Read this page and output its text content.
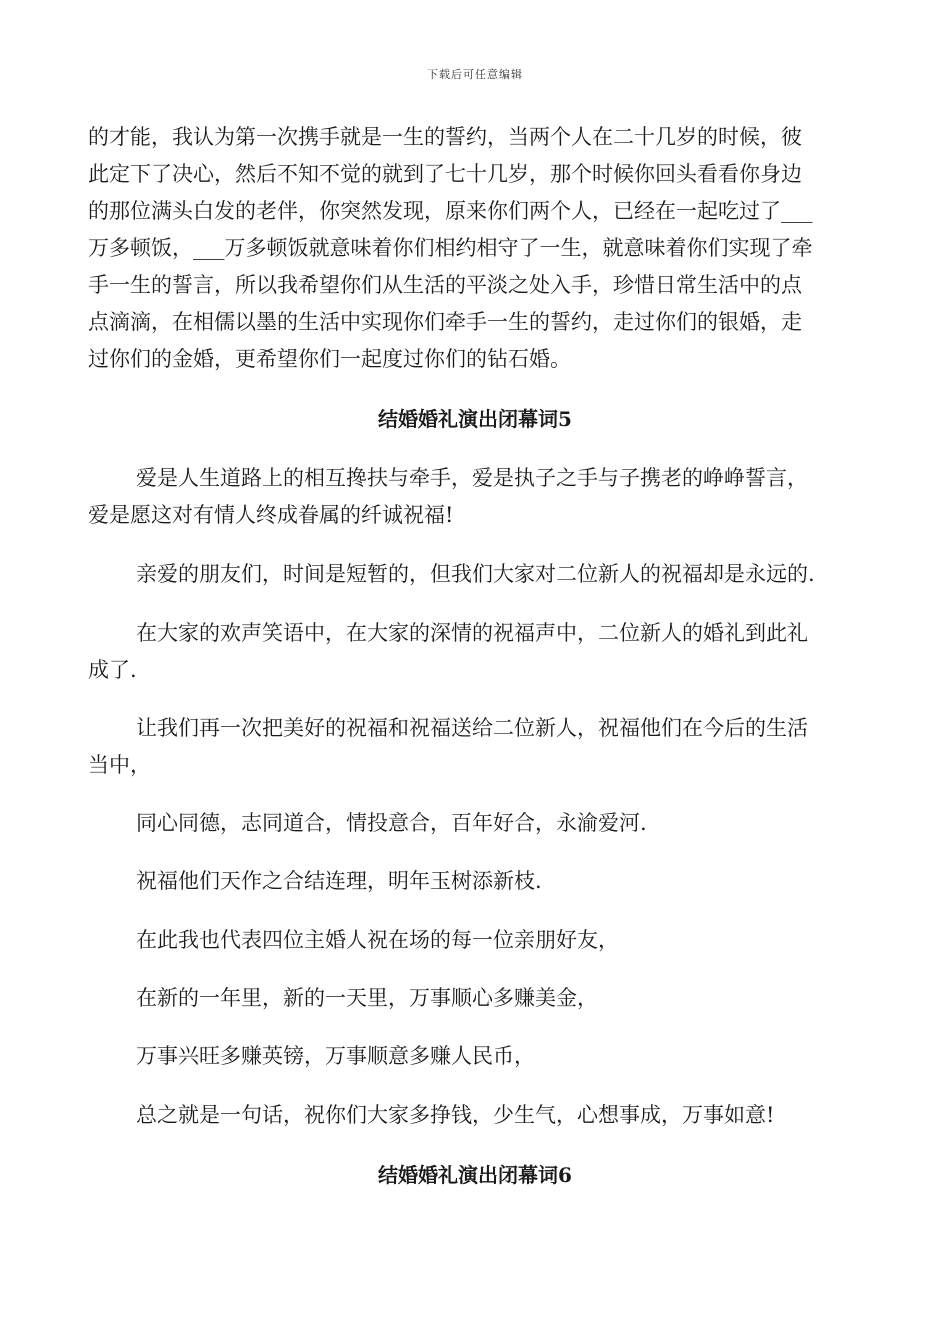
下载后可任意编辑
的才能，我认为第一次携手就是一生的誓约，当两个人在二十几岁的时候，彼
此定下了决心，然后不知不觉的就到了七十几岁，那个时候你回头看看你身边
的那位满头白发的老伴，你突然发现，原来你们两个人，已经在一起吃过了___
万多顿饭，___万多顿饭就意味着你们相约相守了一生，就意味着你们实现了牵
手一生的誓言，所以我希望你们从生活的平淡之处入手，珍惜日常生活中的点
点滴滴，在相儒以墨的生活中实现你们牵手一生的誓约，走过你们的银婚，走
过你们的金婚，更希望你们一起度过你们的钻石婚。
结婚婚礼演出闭幕词5
爱是人生道路上的相互搀扶与牵手，爱是执子之手与子携老的峥峥誓言，
爱是愿这对有情人终成眷属的纤诚祝福!
亲爱的朋友们，时间是短暂的，但我们大家对二位新人的祝福却是永远的.
在大家的欢声笑语中，在大家的深情的祝福声中，二位新人的婚礼到此礼
成了.
让我们再一次把美好的祝福和祝福送给二位新人，祝福他们在今后的生活
当中，
同心同德，志同道合，情投意合，百年好合，永渝爱河.
祝福他们天作之合结连理，明年玉树添新枝.
在此我也代表四位主婚人祝在场的每一位亲朋好友，
在新的一年里，新的一天里，万事顺心多赚美金，
万事兴旺多赚英镑，万事顺意多赚人民币，
总之就是一句话，祝你们大家多挣钱，少生气，心想事成，万事如意!
结婚婚礼演出闭幕词6
